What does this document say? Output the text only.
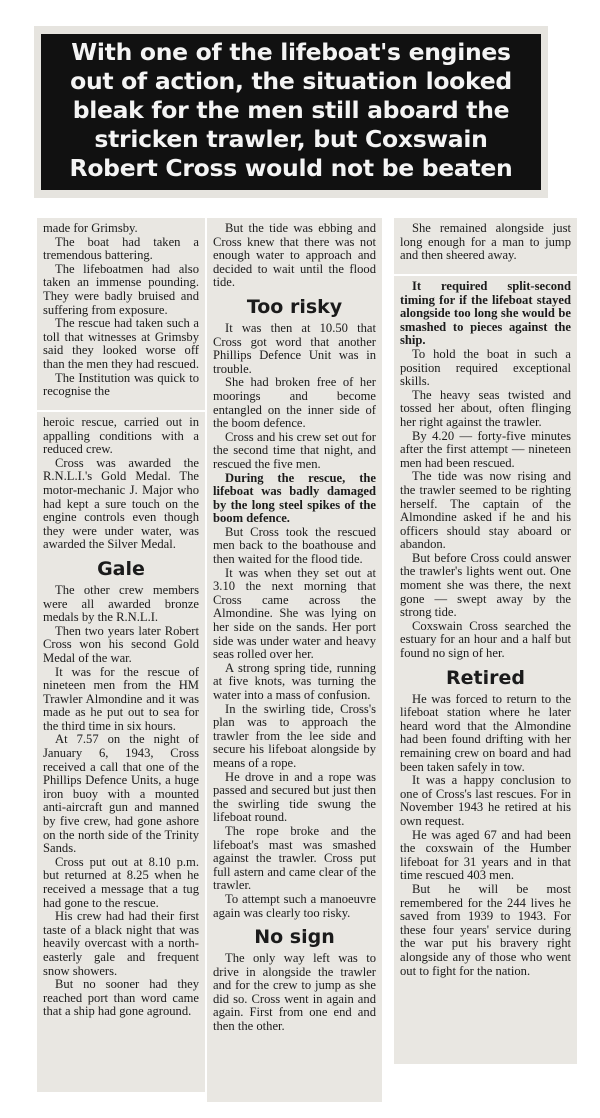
With one of the lifeboat's engines out of action, the situation looked bleak for the men still aboard the stricken trawler, but Coxswain Robert Cross would not be beaten

made for Grimsby.

The boat had taken a tremendous battering.

The lifeboatmen had also taken an immense pounding. They were badly bruised and suffering from exposure.

The rescue had taken such a toll that witnesses at Grimsby said they looked worse off than the men they had rescued.

The Institution was quick to recognise the

heroic rescue, carried out in appalling conditions with a reduced crew.

Cross was awarded the R.N.L.I.'s Gold Medal. The motor-mechanic J. Major who had kept a sure touch on the engine controls even though they were under water, was awarded the Silver Medal.

Gale

The other crew members were all awarded bronze medals by the R.N.L.I.

Then two years later Robert Cross won his second Gold Medal of the war.

It was for the rescue of nineteen men from the HM Trawler Almondine and it was made as he put out to sea for the third time in six hours.

At 7.57 on the night of January 6, 1943, Cross received a call that one of the Phillips Defence Units, a huge iron buoy with a mounted anti-aircraft gun and manned by five crew, had gone ashore on the north side of the Trinity Sands.

Cross put out at 8.10 p.m. but returned at 8.25 when he received a message that a tug had gone to the rescue.

His crew had had their first taste of a black night that was heavily overcast with a north-easterly gale and frequent snow showers.

But no sooner had they reached port than word came that a ship had gone aground.

But the tide was ebbing and Cross knew that there was not enough water to approach and decided to wait until the flood tide.

Too risky

It was then at 10.50 that Cross got word that another Phillips Defence Unit was in trouble.

She had broken free of her moorings and become entangled on the inner side of the boom defence.

Cross and his crew set out for the second time that night, and rescued the five men.

During the rescue, the lifeboat was badly damaged by the long steel spikes of the boom defence.

But Cross took the rescued men back to the boathouse and then waited for the flood tide.

It was when they set out at 3.10 the next morning that Cross came across the Almondine. She was lying on her side on the sands. Her port side was under water and heavy seas rolled over her.

A strong spring tide, running at five knots, was turning the water into a mass of confusion.

In the swirling tide, Cross's plan was to approach the trawler from the lee side and secure his lifeboat alongside by means of a rope.

He drove in and a rope was passed and secured but just then the swirling tide swung the lifeboat round.

The rope broke and the lifeboat's mast was smashed against the trawler. Cross put full astern and came clear of the trawler.

To attempt such a manoeuvre again was clearly too risky.

No sign

The only way left was to drive in alongside the trawler and for the crew to jump as she did so. Cross went in again and again. First from one end and then the other.

She remained alongside just long enough for a man to jump and then sheered away.

It required split-second timing for if the lifeboat stayed alongside too long she would be smashed to pieces against the ship.

To hold the boat in such a position required exceptional skills.

The heavy seas twisted and tossed her about, often flinging her right against the trawler.

By 4.20 — forty-five minutes after the first attempt — nineteen men had been rescued.

The tide was now rising and the trawler seemed to be righting herself. The captain of the Almondine asked if he and his officers should stay aboard or abandon.

But before Cross could answer the trawler's lights went out. One moment she was there, the next gone — swept away by the strong tide.

Coxswain Cross searched the estuary for an hour and a half but found no sign of her.

Retired

He was forced to return to the lifeboat station where he later heard word that the Almondine had been found drifting with her remaining crew on board and had been taken safely in tow.

It was a happy conclusion to one of Cross's last rescues. For in November 1943 he retired at his own request.

He was aged 67 and had been the coxswain of the Humber lifeboat for 31 years and in that time rescued 403 men.

But he will be most remembered for the 244 lives he saved from 1939 to 1943. For these four years' service during the war put his bravery right alongside any of those who went out to fight for the nation.
